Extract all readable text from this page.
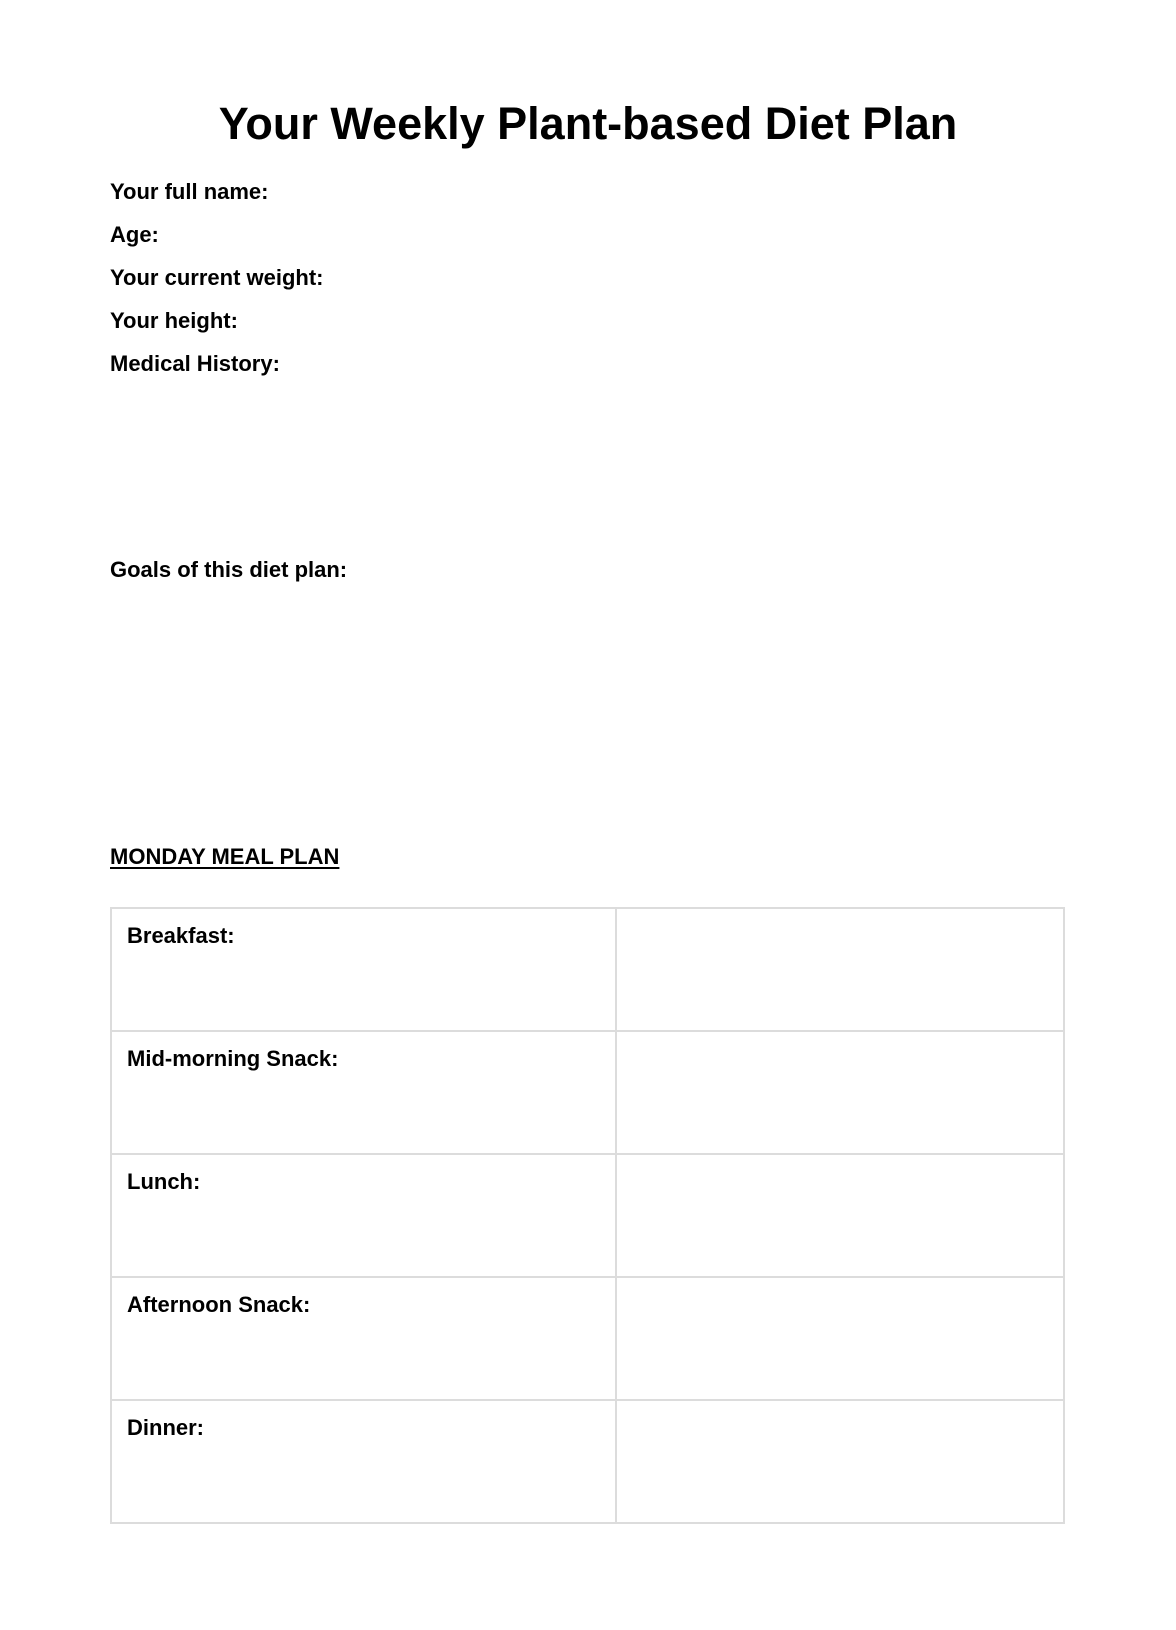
Your Weekly Plant-based Diet Plan
Your full name:
Age:
Your current weight:
Your height:
Medical History:
Goals of this diet plan:
MONDAY MEAL PLAN
Breakfast:	

Mid-morning Snack:	

Lunch:	

Afternoon Snack:	

Dinner:	
